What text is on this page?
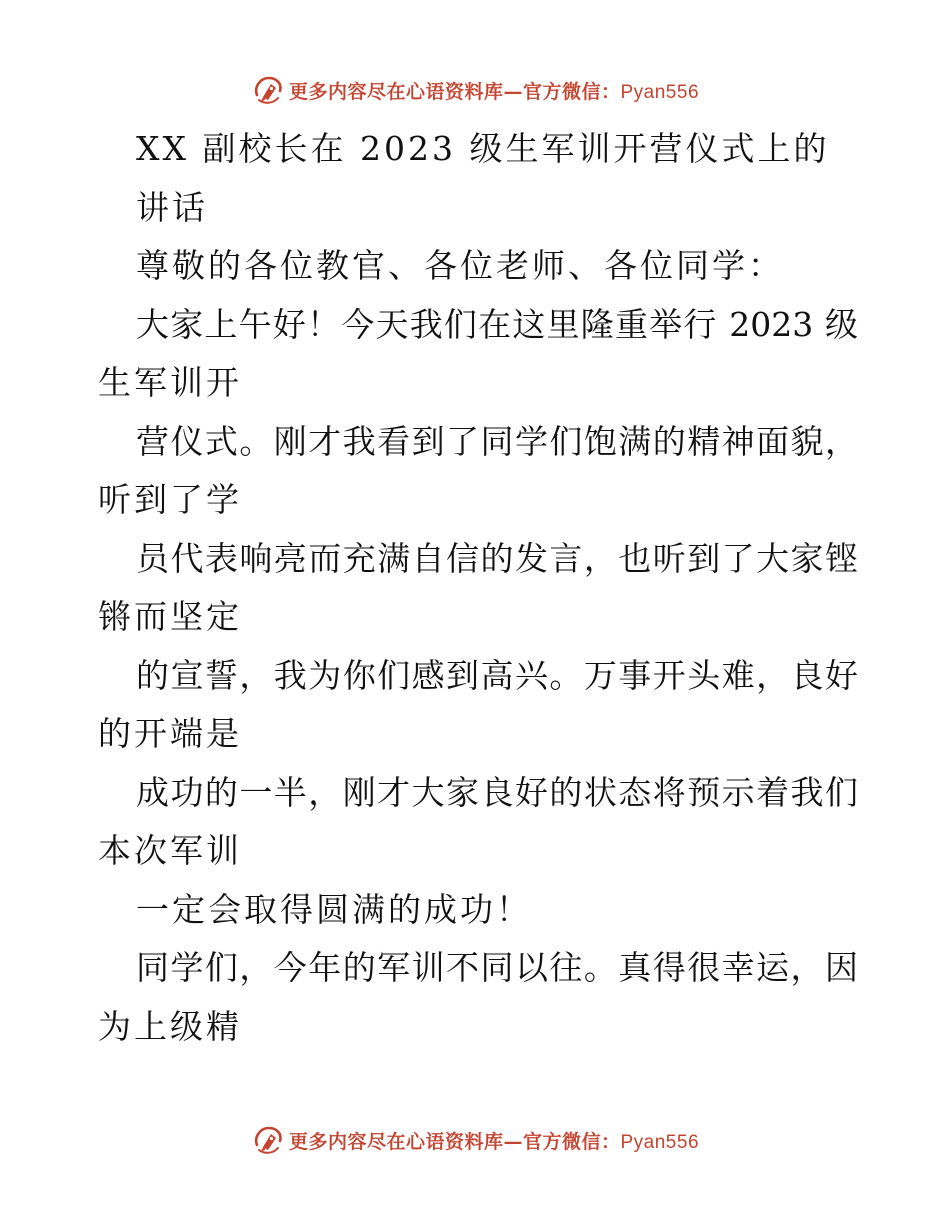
更多内容尽在心语资料库—官方微信：Pyan556
XX 副校长在 2023 级生军训开营仪式上的
讲话
尊敬的各位教官、各位老师、各位同学：
大家上午好！今天我们在这里隆重举行 2023 级
生军训开
营仪式。刚才我看到了同学们饱满的精神面貌，
听到了学
员代表响亮而充满自信的发言，也听到了大家铿
锵而坚定
的宣誓，我为你们感到高兴。万事开头难，良好
的开端是
成功的一半，刚才大家良好的状态将预示着我们
本次军训
一定会取得圆满的成功！
同学们，今年的军训不同以往。真得很幸运，因
为上级精
更多内容尽在心语资料库—官方微信：Pyan556
